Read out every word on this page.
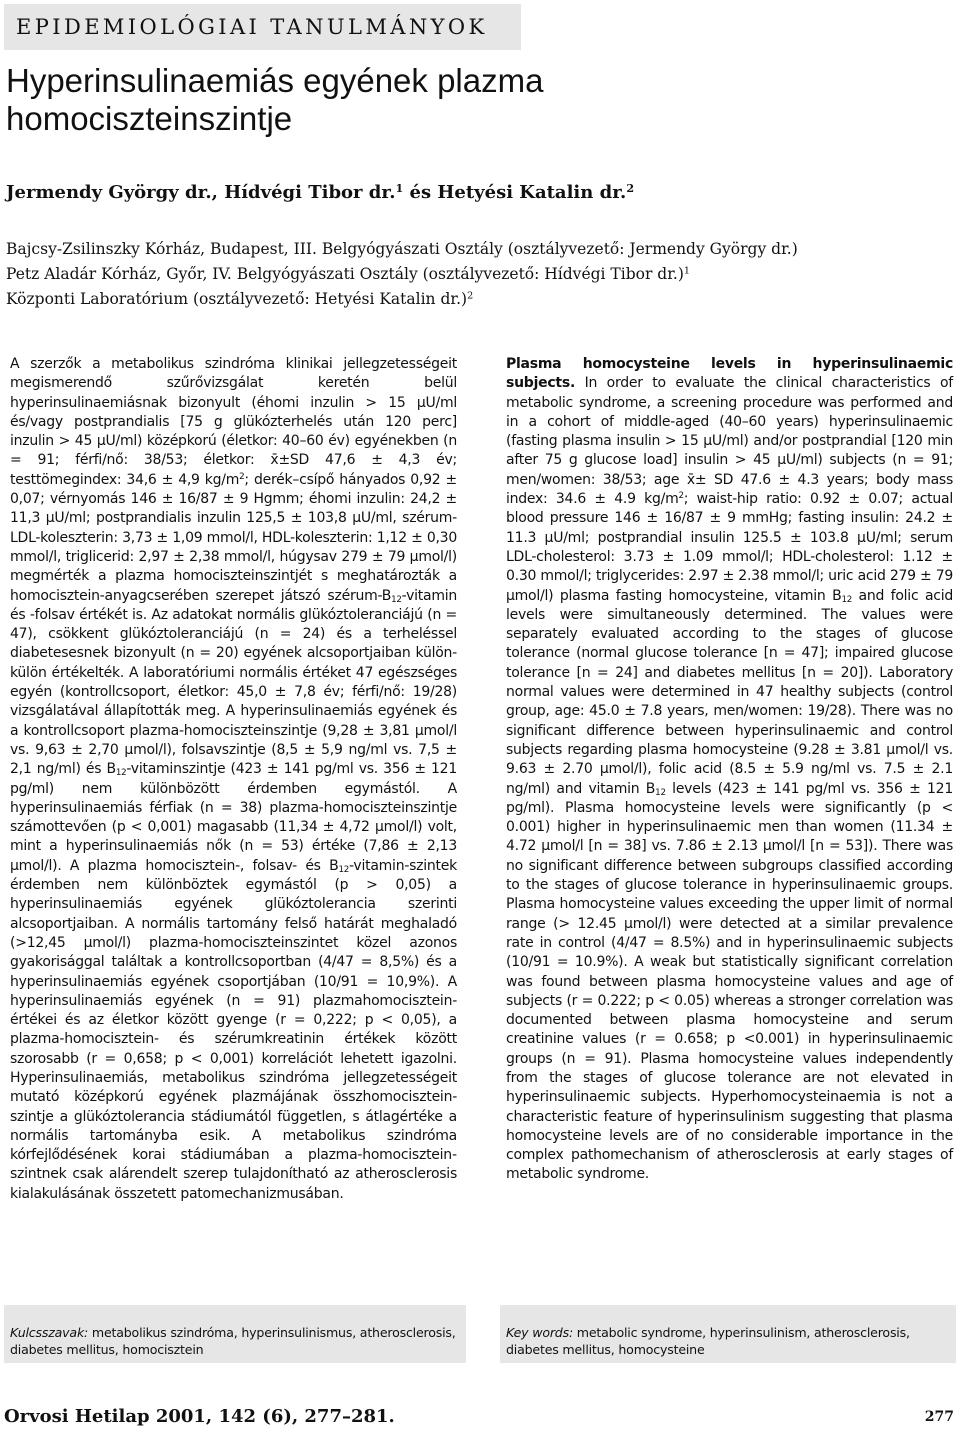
EPIDEMIOLÓGIAI TANULMÁNYOK
Hyperinsulinaemiás egyének plazma
homociszteinszintje
Jermendy György dr., Hídvégi Tibor dr.$^1$ és Hetyési Katalin dr.$^2$
Bajcsy-Zsilinszky Kórház, Budapest, III. Belgyógyászati Osztály (osztályvezető: Jermendy György dr.)
Petz Aladár Kórház, Győr, IV. Belgyógyászati Osztály (osztályvezető: Hídvégi Tibor dr.)$^1$
Központi Laboratórium (osztályvezető: Hetyési Katalin dr.)$^2$
A szerzők a metabolikus szindróma klinikai jellegzetességeit megismerendő szűrővizsgálat keretén belül hyperinsulinaemiásnak bizonyult (éhomi inzulin > 15 μU/ml és/vagy postprandialis [75 g glükózterhelés után 120 perc] inzulin > 45 μU/ml) középkorú (életkor: 40–60 év) egyénekben (n = 91; férfi/nő: 38/53; életkor: x̄±SD 47,6 ± 4,3 év; testtömegindex: 34,6 ± 4,9 $kg/m^2$; derék–csípő hányados 0,92 ± 0,07; vérnyomás 146 ± 16/87 ± 9 Hgmm; éhomi inzulin: 24,2 ± 11,3 μU/ml; postprandialis inzulin 125,5 ± 103,8 μU/ml, szérum-LDL-koleszterin: 3,73 ± 1,09 mmol/l, HDL-koleszterin: 1,12 ± 0,30 mmol/l, triglicerid: 2,97 ± 2,38 mmol/l, húgysav 279 ± 79 μmol/l) megmérték a plazma homociszteinszintjét s meghatározták a homocisztein-anyagcserében szerepet játszó szérum-$B_{12}$-vitamin és -folsav értékét is. Az adatokat normális glükóztoleranciájú (n = 47), csökkent glükóztoleranciájú (n = 24) és a terheléssel diabetesesnek bizonyult (n = 20) egyének alcsoportjaiban külön-külön értékelték. A laboratóriumi normális értéket 47 egészséges egyén (kontrollcsoport, életkor: 45,0 ± 7,8 év; férfi/nő: 19/28) vizsgálatával állapították meg. A hyperinsulinaemiás egyének és a kontrollcsoport plazma-homociszteinszintje (9,28 ± 3,81 μmol/l vs. 9,63 ± 2,70 μmol/l), folsavszintje (8,5 ± 5,9 ng/ml vs. 7,5 ± 2,1 ng/ml) és $B_{12}$-vitaminszintje (423 ± 141 pg/ml vs. 356 ± 121 pg/ml) nem különbözött érdemben egymástól. A hyperinsulinaemiás férfiak (n = 38) plazma-homociszteinszintje számottevően (p < 0,001) magasabb (11,34 ± 4,72 μmol/l) volt, mint a hyperinsulinaemiás nők (n = 53) értéke (7,86 ± 2,13 μmol/l). A plazma homocisztein-, folsav- és $B_{12}-vitamin$-szintek érdemben nem különböztek egymástól (p > 0,05) a hyperinsulinaemiás egyének glükóztolerancia szerinti alcsoportjaiban. A normális tartomány felső határát meghaladó (>12,45 μmol/l) plazma-homociszteinszintet közel azonos gyakorisággal találtak a kontrollcsoportban (4/47 = 8,5%) és a hyperinsulinaemiás egyének csoportjában (10/91 = 10,9%). A hyperinsulinaemiás egyének (n = 91) plazmahomocisztein-értékei és az életkor között gyenge (r = 0,222; p < 0,05), a plazma-homocisztein- és szérumkreatinin értékek között szorosabb (r = 0,658; p < 0,001) korrelációt lehetett igazolni. Hyperinsulinaemiás, metabolikus szindróma jellegzetességeit mutató középkorú egyének plazmájának összhomocisztein-szintje a glükóztolerancia stádiumától független, s átlagértéke a normális tartományba esik. A metabolikus szindróma kórfejlődésének korai stádiumában a plazma-homociszteinszintnek csak alárendelt szerep tulajdonítható az atherosclerosis kialakulásának összetett patomechanizmusában.
Plasma homocysteine levels in hyperinsulinaemic subjects. In order to evaluate the clinical characteristics of metabolic syndrome, a screening procedure was performed and in a cohort of middle-aged (40–60 years) hyperinsulinaemic (fasting plasma insulin > 15 μU/ml) and/or postprandial [120 min after 75 g glucose load] insulin > 45 μU/ml) subjects (n = 91; men/women: 38/53; age x̄± SD 47.6 ± 4.3 years; body mass index: 34.6 ± 4.9 $kg/m^2$; waist-hip ratio: 0.92 ± 0.07; actual blood pressure 146 ± 16/87 ± 9 mmHg; fasting insulin: 24.2 ± 11.3 μU/ml; postprandial insulin 125.5 ± 103.8 μU/ml; serum LDL-cholesterol: 3.73 ± 1.09 mmol/l; HDL-cholesterol: 1.12 ± 0.30 mmol/l; triglycerides: 2.97 ± 2.38 mmol/l; uric acid 279 ± 79 μmol/l) plasma fasting homocysteine, vitamin $B_{12}$ and folic acid levels were simultaneously determined. The values were separately evaluated according to the stages of glucose tolerance (normal glucose tolerance [n = 47]; impaired glucose tolerance [n = 24] and diabetes mellitus [n = 20]). Laboratory normal values were determined in 47 healthy subjects (control group, age: 45.0 ± 7.8 years, men/women: 19/28). There was no significant difference between hyperinsulinaemic and control subjects regarding plasma homocysteine (9.28 ± 3.81 μmol/l vs. 9.63 ± 2.70 μmol/l), folic acid (8.5 ± 5.9 ng/ml vs. 7.5 ± 2.1 ng/ml) and vitamin $B_{12}$ levels (423 ± 141 pg/ml vs. 356 ± 121 pg/ml). Plasma homocysteine levels were significantly (p < 0.001) higher in hyperinsulinaemic men than women (11.34 ± 4.72 μmol/l [n = 38] vs. 7.86 ± 2.13 μmol/l [n = 53]). There was no significant difference between subgroups classified according to the stages of glucose tolerance in hyperinsulinaemic groups. Plasma homocysteine values exceeding the upper limit of normal range (> 12.45 μmol/l) were detected at a similar prevalence rate in control (4/47 = 8.5%) and in hyperinsulinaemic subjects (10/91 = 10.9%). A weak but statistically significant correlation was found between plasma homocysteine values and age of subjects (r = 0.222; p < 0.05) whereas a stronger correlation was documented between plasma homocysteine and serum creatinine values (r = 0.658; p <0.001) in hyperinsulinaemic groups (n = 91). Plasma homocysteine values independently from the stages of glucose tolerance are not elevated in hyperinsulinaemic subjects. Hyperhomocysteinaemia is not a characteristic feature of hyperinsulinism suggesting that plasma homocysteine levels are of no considerable importance in the complex pathomechanism of atherosclerosis at early stages of metabolic syndrome.
Kulcsszavak: metabolikus szindróma, hyperinsulinismus, atherosclerosis, diabetes mellitus, homocisztein
Key words: metabolic syndrome, hyperinsulinism, atherosclerosis, diabetes mellitus, homocysteine
Orvosi Hetilap 2001, 142 (6), 277–281.	277
